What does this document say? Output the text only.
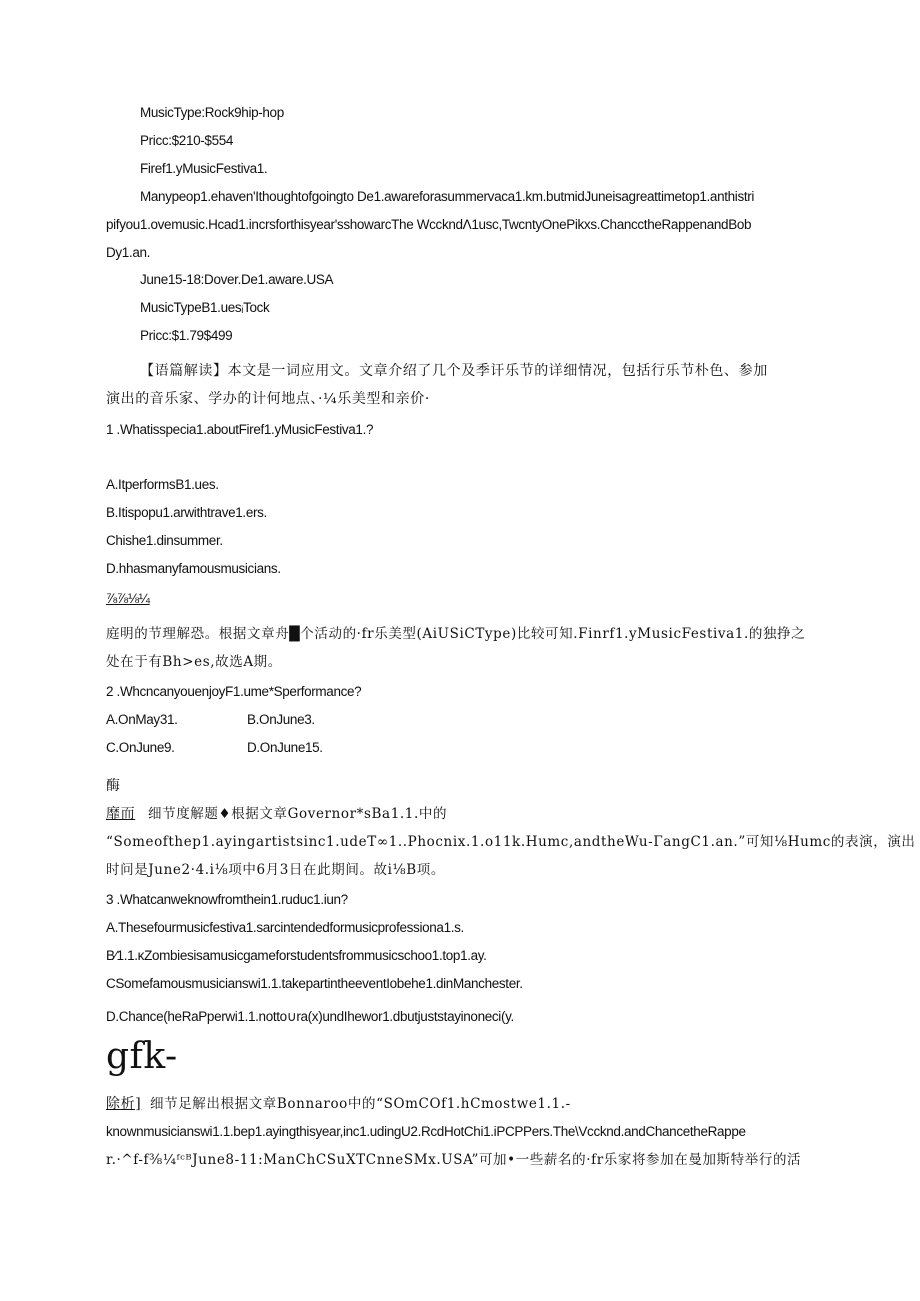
MusicType:Rock9hip-hop
Pricc:$210-$554
Firef1.yMusicFestiva1.
Manypeop1.ehaven'Ithoughtofgoingto De1.awareforasummervaca1.km.butmidJuneisagreattimetop1.anthistri
pifyou1.ovemusic.Hcad1.incrsforthisyear'sshowarcThe WcckndΛ1usc,TwcntyOnePikxs.ChancctheRappenandBob
Dy1.an.
June15-18:Dover.De1.aware.USA
MusicTypeB1.uesᵢTock
Pricc:$1.79$499
【语篇解读】本文是一词应用文。文章介绍了几个及季讦乐节的详细情况，包括行乐节朴色、参加
演出的音乐家、学办的计何地点、·¼乐美型和亲价·
1 .Whatisspecia1.aboutFiref1.yMusicFestiva1.?
A.ItperformsB1.ues.
B.Itispopu1.arwithtrave1.ers.
Chishe1.dinsummer.
D.hhasmanyfamousmusicians.
⅞⅞⅛¼
庭明的节理解恐。根据文章舟█个活动的·fr乐美型(AiUSiCType)比较可知.Finrf1.yMusicFestiva1.的独挣之
处在于有Bh>es,故选A期。
2 .WhcncanyouenjoyF1.ume*Sperformance?
A.OnMay31.	B.OnJune3.
C.OnJune9.	D.OnJune15.
酶
靡而 细节度解题♦根据文章Governor*sBa1.1.中的
“Someofthep1.ayingartistsinc1.udeT∞1..Phocnix.1.o11k.Humc,andtheWu-ΓangC1.an.”可知⅛Humc的表演，演出
时问是June2·4.i⅛项中6月3日在此期间。故i⅛B项。
3 .Whatcanweknowfromthein1.ruduc1.iun?
A.Thesefourmusicfestiva1.sarcintendedformusicprofessiona1.s.
B∕1.1.κZombiesisamusicgameforstudentsfrommusicschoo1.top1.ay.
CSomefamousmusicianswi1.1.takepartintheeventIobehe1.dinManchester.
D.Chance(heRaPperwi1.1.notto∪ra(x)undIhewor1.dbutjuststayinoneci(y.
gfk-
除析] 细节足解出根据文章Bonnaroo中的“SOmCOf1.hCmostwe1.1.-
knownmusicianswi1.1.bep1.ayingthisyear,inc1.udingU2.RcdHotChi1.iPCPPers.The\Vccknd.andChancetheRappe
r.·^f-f⅜¼ᶠᶜᴮJune8-11:ManChCSuXTCnneSMx.USA”可加•一些薪名的·fr乐家将参加在曼加斯特举行的活
